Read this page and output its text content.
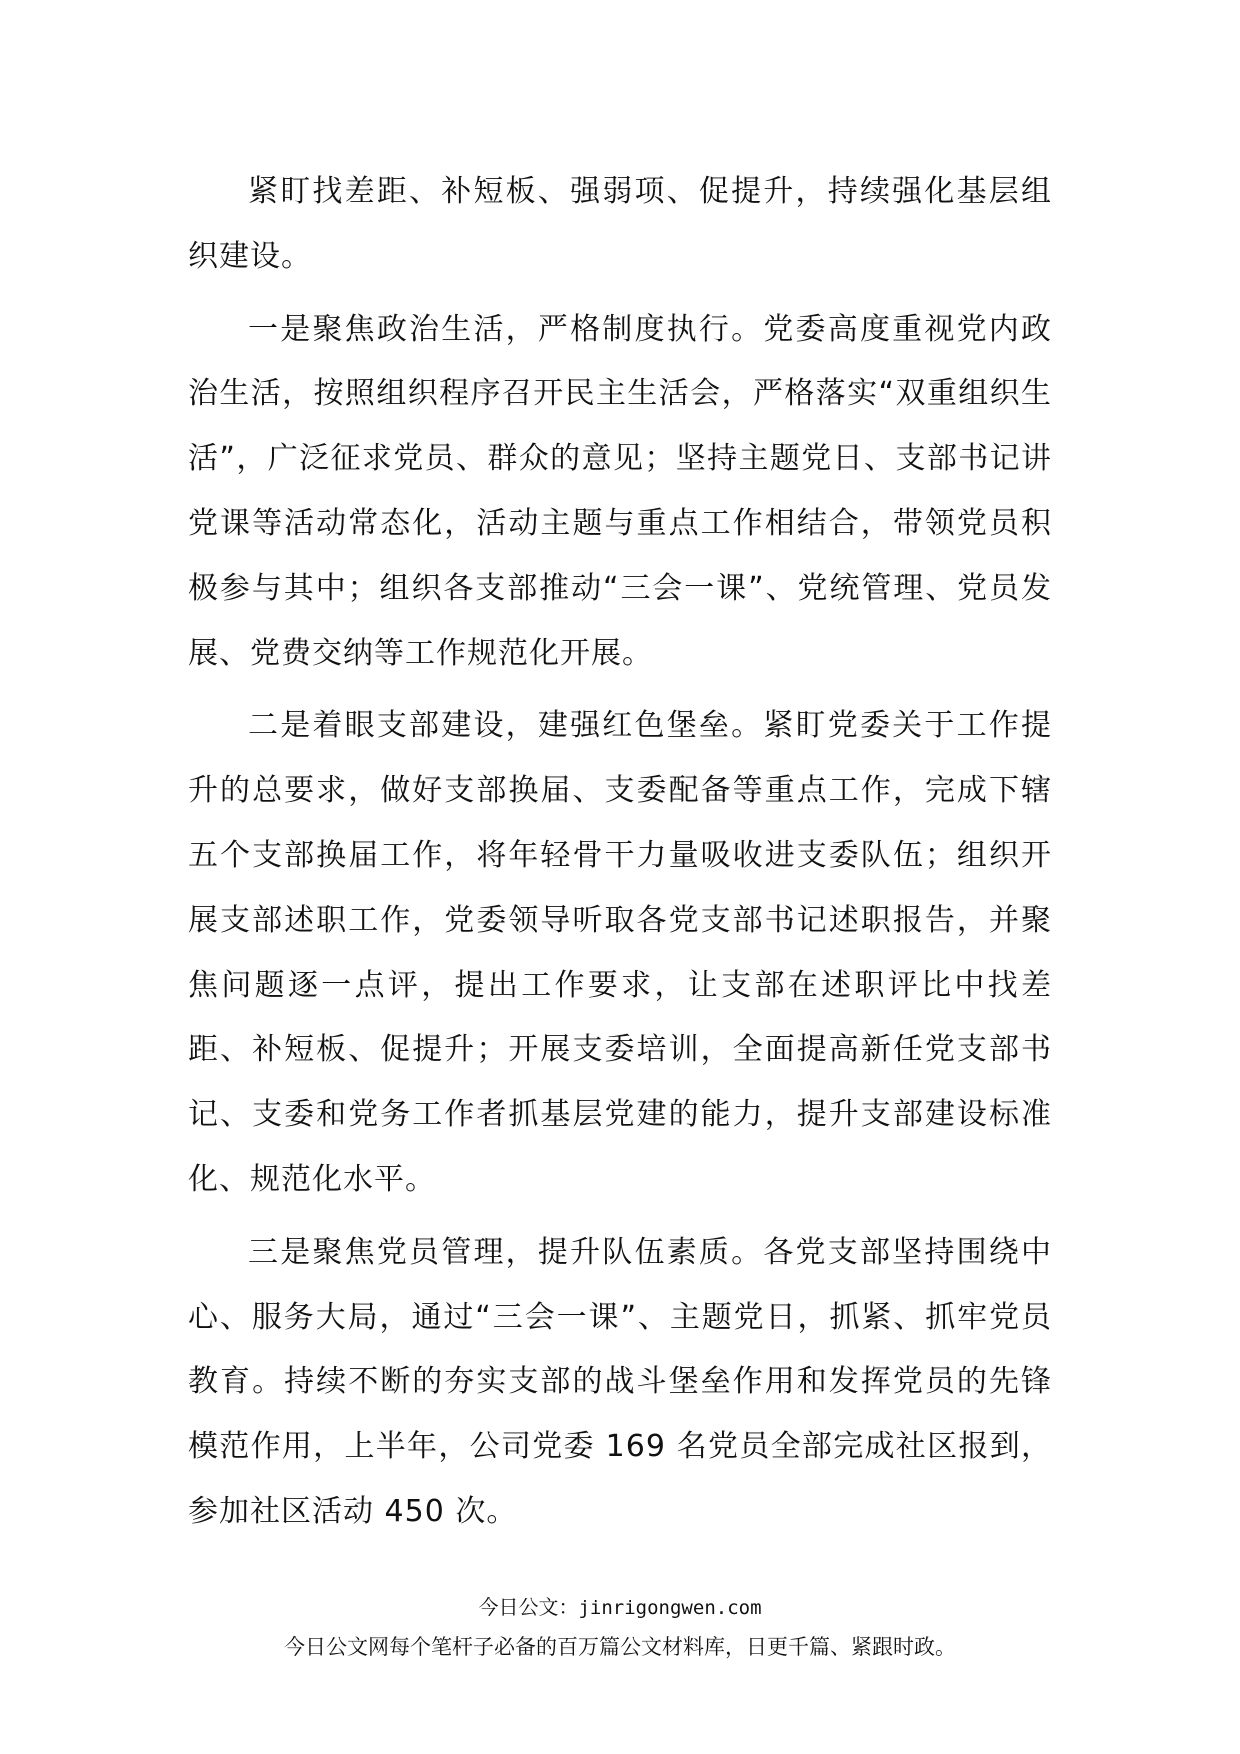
紧盯找差距、补短板、强弱项、促提升，持续强化基层组织建设。

一是聚焦政治生活，严格制度执行。党委高度重视党内政治生活，按照组织程序召开民主生活会，严格落实“双重组织生活”，广泛征求党员、群众的意见；坚持主题党日、支部书记讲党课等活动常态化，活动主题与重点工作相结合，带领党员积极参与其中；组织各支部推动“三会一课”、党统管理、党员发展、党费交纳等工作规范化开展。

二是着眼支部建设，建强红色堡垒。紧盯党委关于工作提升的总要求，做好支部换届、支委配备等重点工作，完成下辖五个支部换届工作，将年轻骨干力量吸收进支委队伍；组织开展支部述职工作，党委领导听取各党支部书记述职报告，并聚焦问题逐一点评，提出工作要求，让支部在述职评比中找差距、补短板、促提升；开展支委培训，全面提高新任党支部书记、支委和党务工作者抓基层党建的能力，提升支部建设标准化、规范化水平。

三是聚焦党员管理，提升队伍素质。各党支部坚持围绕中心、服务大局，通过“三会一课”、主题党日，抓紧、抓牢党员教育。持续不断的夯实支部的战斗堡垒作用和发挥党员的先锋模范作用，上半年，公司党委 169 名党员全部完成社区报到，参加社区活动 450 次。

今日公文：jinrigongwen.com
今日公文网每个笔杆子必备的百万篇公文材料库，日更千篇、紧跟时政。
